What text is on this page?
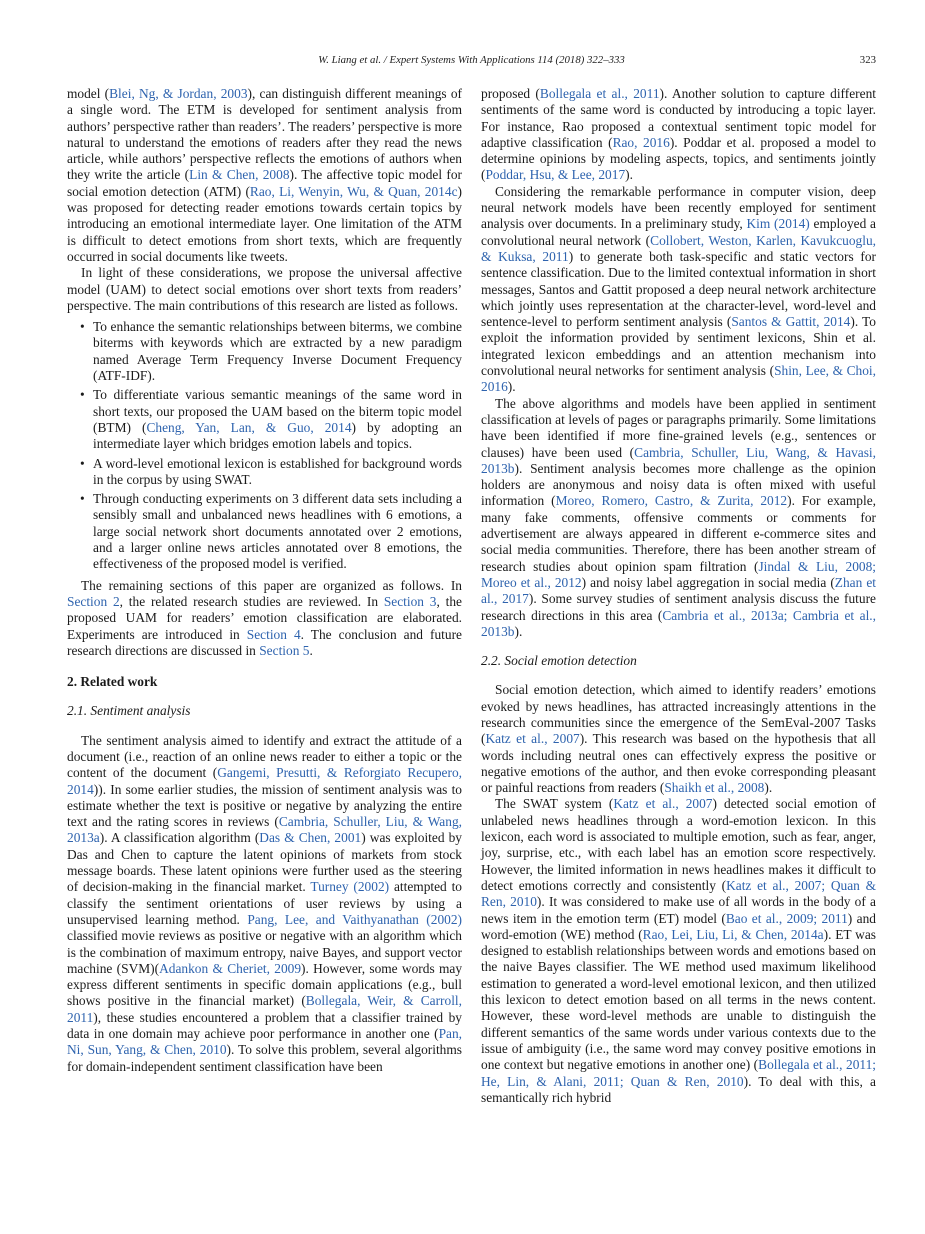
W. Liang et al. / Expert Systems With Applications 114 (2018) 322–333	323

model (Blei, Ng, & Jordan, 2003), can distinguish different meanings of a single word. The ETM is developed for sentiment analysis from authors’ perspective rather than readers’. The readers’ perspective is more natural to understand the emotions of readers after they read the news article, while authors’ perspective reflects the emotions of authors when they write the article (Lin & Chen, 2008). The affective topic model for social emotion detection (ATM) (Rao, Li, Wenyin, Wu, & Quan, 2014c) was proposed for detecting reader emotions towards certain topics by introducing an emotional intermediate layer. One limitation of the ATM is difficult to detect emotions from short texts, which are frequently occurred in social documents like tweets.

In light of these considerations, we propose the universal affective model (UAM) to detect social emotions over short texts from readers’ perspective. The main contributions of this research are listed as follows.

• To enhance the semantic relationships between biterms, we combine biterms with keywords which are extracted by a new paradigm named Average Term Frequency Inverse Document Frequency (ATF-IDF).
• To differentiate various semantic meanings of the same word in short texts, our proposed the UAM based on the biterm topic model (BTM) (Cheng, Yan, Lan, & Guo, 2014) by adopting an intermediate layer which bridges emotion labels and topics.
• A word-level emotional lexicon is established for background words in the corpus by using SWAT.
• Through conducting experiments on 3 different data sets including a sensibly small and unbalanced news headlines with 6 emotions, a large social network short documents annotated over 2 emotions, and a larger online news articles annotated over 8 emotions, the effectiveness of the proposed model is verified.

The remaining sections of this paper are organized as follows. In Section 2, the related research studies are reviewed. In Section 3, the proposed UAM for readers’ emotion classification are elaborated. Experiments are introduced in Section 4. The conclusion and future research directions are discussed in Section 5.

2. Related work
2.1. Sentiment analysis

The sentiment analysis aimed to identify and extract the attitude of a document (i.e., reaction of an online news reader to either a topic or the content of the document (Gangemi, Presutti, & Reforgiato Recupero, 2014)). In some earlier studies, the mission of sentiment analysis was to estimate whether the text is positive or negative by analyzing the entire text and the rating scores in reviews (Cambria, Schuller, Liu, & Wang, 2013a). A classification algorithm (Das & Chen, 2001) was exploited by Das and Chen to capture the latent opinions of markets from stock message boards. These latent opinions were further used as the steering of decision-making in the financial market. Turney (2002) attempted to classify the sentiment orientations of user reviews by using a unsupervised learning method. Pang, Lee, and Vaithyanathan (2002) classified movie reviews as positive or negative with an algorithm which is the combination of maximum entropy, naive Bayes, and support vector machine (SVM)(Adankon & Cheriet, 2009). However, some words may express different sentiments in specific domain applications (e.g., bull shows positive in the financial market) (Bollegala, Weir, & Carroll, 2011), these studies encountered a problem that a classifier trained by data in one domain may achieve poor performance in another one (Pan, Ni, Sun, Yang, & Chen, 2010). To solve this problem, several algorithms for domain-independent sentiment classification have been

proposed (Bollegala et al., 2011). Another solution to capture different sentiments of the same word is conducted by introducing a topic layer. For instance, Rao proposed a contextual sentiment topic model for adaptive classification (Rao, 2016). Poddar et al. proposed a model to determine opinions by modeling aspects, topics, and sentiments jointly (Poddar, Hsu, & Lee, 2017).

Considering the remarkable performance in computer vision, deep neural network models have been recently employed for sentiment analysis over documents. In a preliminary study, Kim (2014) employed a convolutional neural network (Collobert, Weston, Karlen, Kavukcuoglu, & Kuksa, 2011) to generate both task-specific and static vectors for sentence classification. Due to the limited contextual information in short messages, Santos and Gattit proposed a deep neural network architecture which jointly uses representation at the character-level, word-level and sentence-level to perform sentiment analysis (Santos & Gattit, 2014). To exploit the information provided by sentiment lexicons, Shin et al. integrated lexicon embeddings and an attention mechanism into convolutional neural networks for sentiment analysis (Shin, Lee, & Choi, 2016).

The above algorithms and models have been applied in sentiment classification at levels of pages or paragraphs primarily. Some limitations have been identified if more fine-grained levels (e.g., sentences or clauses) have been used (Cambria, Schuller, Liu, Wang, & Havasi, 2013b). Sentiment analysis becomes more challenge as the opinion holders are anonymous and noisy data is often mixed with useful information (Moreo, Romero, Castro, & Zurita, 2012). For example, many fake comments, offensive comments or comments for advertisement are always appeared in different e-commerce sites and social media communities. Therefore, there has been another stream of research studies about opinion spam filtration (Jindal & Liu, 2008; Moreo et al., 2012) and noisy label aggregation in social media (Zhan et al., 2017). Some survey studies of sentiment analysis discuss the future research directions in this area (Cambria et al., 2013a; Cambria et al., 2013b).

2.2. Social emotion detection

Social emotion detection, which aimed to identify readers’ emotions evoked by news headlines, has attracted increasingly attentions in the research communities since the emergence of the SemEval-2007 Tasks (Katz et al., 2007). This research was based on the hypothesis that all words including neutral ones can effectively express the positive or negative emotions of the author, and then evoke corresponding pleasant or painful reactions from readers (Shaikh et al., 2008).

The SWAT system (Katz et al., 2007) detected social emotion of unlabeled news headlines through a word-emotion lexicon. In this lexicon, each word is associated to multiple emotion, such as fear, anger, joy, surprise, etc., with each label has an emotion score respectively. However, the limited information in news headlines makes it difficult to detect emotions correctly and consistently (Katz et al., 2007; Quan & Ren, 2010). It was considered to make use of all words in the body of a news item in the emotion term (ET) model (Bao et al., 2009; 2011) and word-emotion (WE) method (Rao, Lei, Liu, Li, & Chen, 2014a). ET was designed to establish relationships between words and emotions based on the naive Bayes classifier. The WE method used maximum likelihood estimation to generated a word-level emotional lexicon, and then utilized this lexicon to detect emotion based on all terms in the news content. However, these word-level methods are unable to distinguish the different semantics of the same words under various contexts due to the issue of ambiguity (i.e., the same word may convey positive emotions in one context but negative emotions in another one) (Bollegala et al., 2011; He, Lin, & Alani, 2011; Quan & Ren, 2010). To deal with this, a semantically rich hybrid
